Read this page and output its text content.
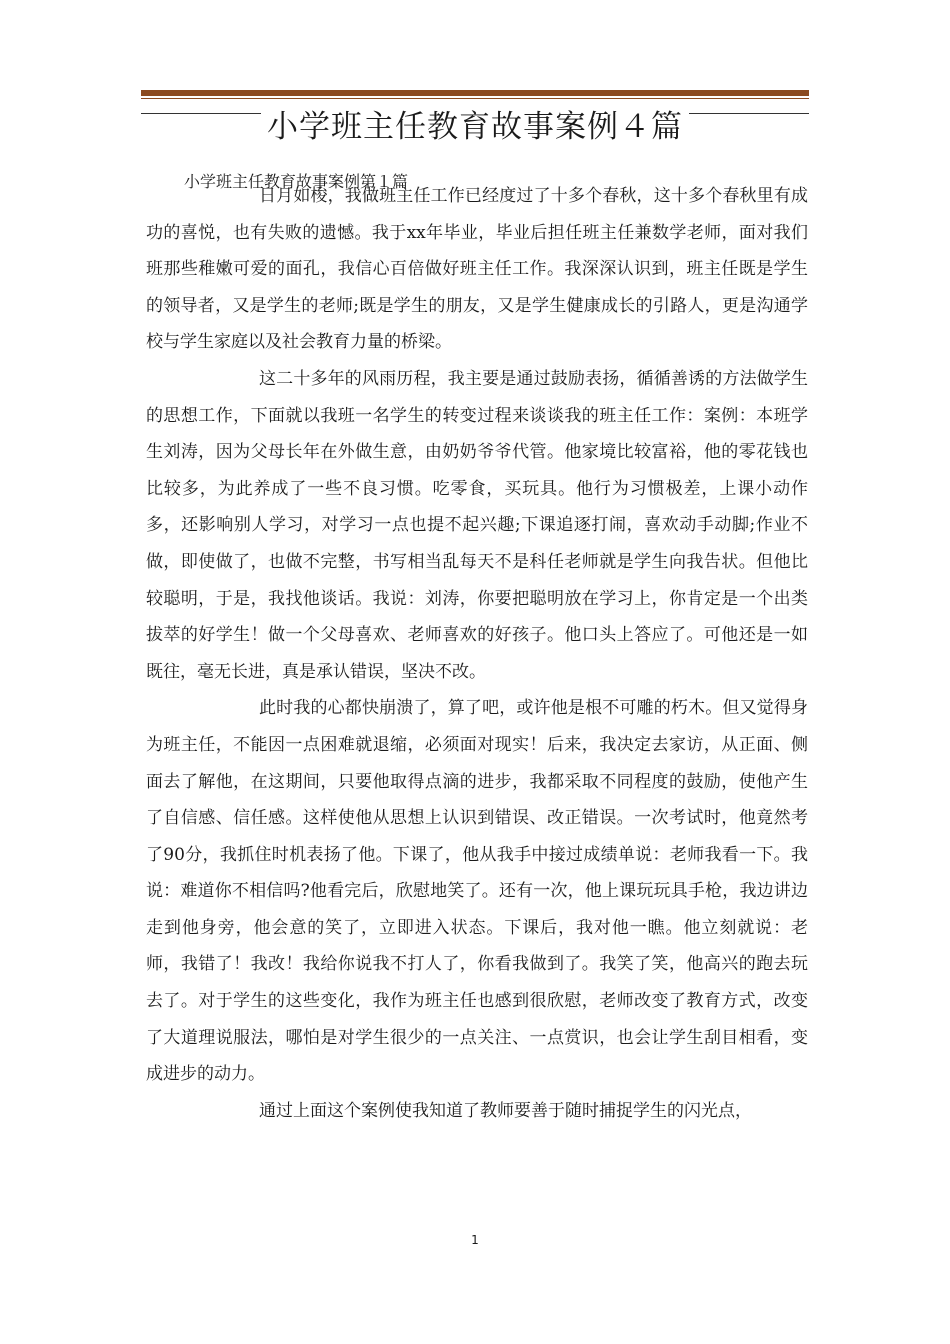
小学班主任教育故事案例４篇
小学班主任教育故事案例第１篇

日月如梭，我做班主任工作已经度过了十多个春秋，这十多个春秋里有成功的喜悦，也有失败的遗憾。我于xx年毕业，毕业后担任班主任兼数学老师，面对我们班那些稚嫩可爱的面孔，我信心百倍做好班主任工作。我深深认识到，班主任既是学生的领导者，又是学生的老师;既是学生的朋友，又是学生健康成长的引路人，更是沟通学校与学生家庭以及社会教育力量的桥梁。

这二十多年的风雨历程，我主要是通过鼓励表扬，循循善诱的方法做学生的思想工作，下面就以我班一名学生的转变过程来谈谈我的班主任工作：案例：本班学生刘涛，因为父母长年在外做生意，由奶奶爷爷代管。他家境比较富裕，他的零花钱也比较多，为此养成了一些不良习惯。吃零食，买玩具。他行为习惯极差，上课小动作多，还影响别人学习，对学习一点也提不起兴趣;下课追逐打闹，喜欢动手动脚;作业不做，即使做了，也做不完整，书写相当乱每天不是科任老师就是学生向我告状。但他比较聪明，于是，我找他谈话。我说：刘涛，你要把聪明放在学习上，你肯定是一个出类拔萃的好学生！做一个父母喜欢、老师喜欢的好孩子。他口头上答应了。可他还是一如既往，毫无长进，真是承认错误，坚决不改。

此时我的心都快崩溃了，算了吧，或许他是根不可雕的朽木。但又觉得身为班主任，不能因一点困难就退缩，必须面对现实！后来，我决定去家访，从正面、侧面去了解他，在这期间，只要他取得点滴的进步，我都采取不同程度的鼓励，使他产生了自信感、信任感。这样使他从思想上认识到错误、改正错误。一次考试时，他竟然考了90分，我抓住时机表扬了他。下课了，他从我手中接过成绩单说：老师我看一下。我说：难道你不相信吗?他看完后，欣慰地笑了。还有一次，他上课玩玩具手枪，我边讲边走到他身旁，他会意的笑了，立即进入状态。下课后，我对他一瞧。他立刻就说：老师，我错了！我改！我给你说我不打人了，你看我做到了。我笑了笑，他高兴的跑去玩去了。对于学生的这些变化，我作为班主任也感到很欣慰，老师改变了教育方式，改变了大道理说服法，哪怕是对学生很少的一点关注、一点赏识，也会让学生刮目相看，变成进步的动力。

通过上面这个案例使我知道了教师要善于随时捕捉学生的闪光点，

1
